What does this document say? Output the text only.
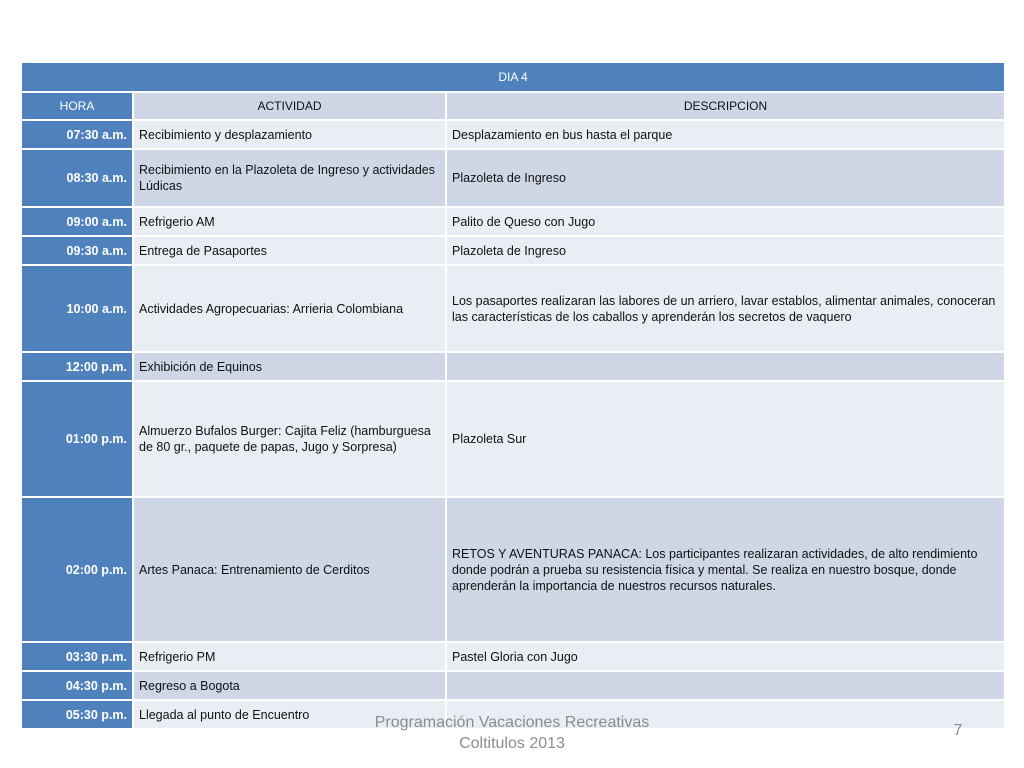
DIA 4		
HORA	ACTIVIDAD	DESCRIPCION
07:30 a.m.	Recibimiento y desplazamiento	Desplazamiento en bus hasta el parque
08:30 a.m.	Recibimiento en la Plazoleta de Ingreso y actividades Lúdicas	Plazoleta de Ingreso
09:00 a.m.	Refrigerio AM	Palito de Queso con Jugo
09:30 a.m.	Entrega de Pasaportes	Plazoleta de Ingreso
10:00 a.m.	Actividades Agropecuarias: Arrieria Colombiana	Los pasaportes realizaran las labores de un arriero, lavar establos, alimentar animales, conoceran las características de los caballos y aprenderán los secretos de vaquero
12:00 p.m.	Exhibición de Equinos	
01:00 p.m.	Almuerzo Bufalos Burger: Cajita Feliz (hamburguesa de 80 gr., paquete de papas, Jugo y Sorpresa)	Plazoleta Sur
02:00 p.m.	Artes Panaca: Entrenamiento de Cerditos	RETOS Y AVENTURAS PANACA: Los participantes realizaran actividades, de alto rendimiento donde podrán a prueba su resistencia física y mental. Se realiza en nuestro bosque, donde aprenderán la importancia de nuestros recursos naturales.
03:30 p.m.	Refrigerio PM	Pastel Gloria con Jugo
04:30 p.m.	Regreso a Bogota	
05:30 p.m.	Llegada al punto de Encuentro		Programación Vacaciones Recreativas
Coltitulos 2013
7
